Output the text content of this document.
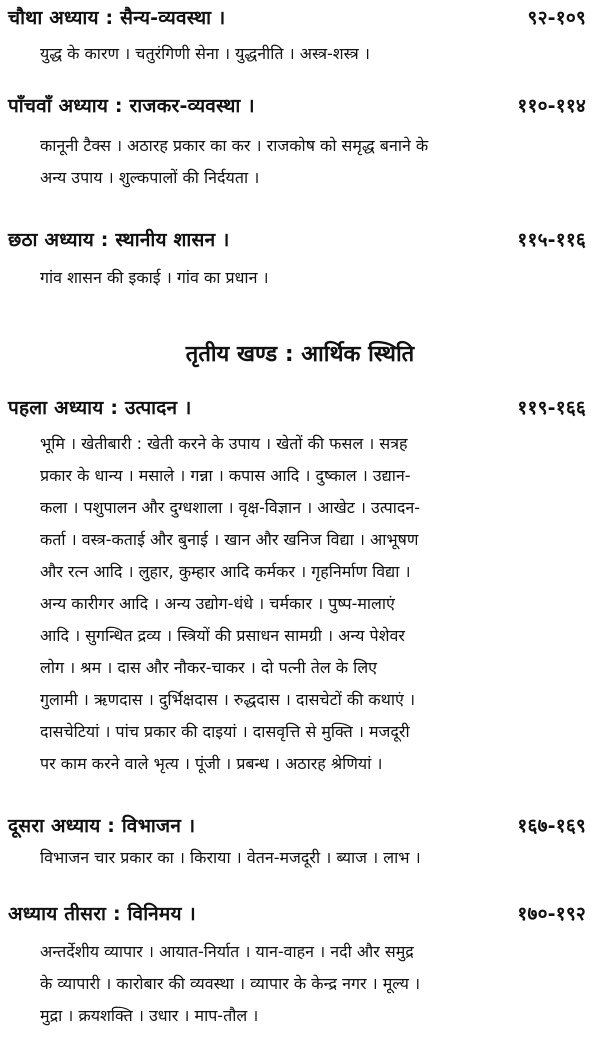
चौथा अध्याय : सैन्य-व्यवस्था ।	९२-१०९
युद्ध के कारण । चतुरंगिणी सेना । युद्धनीति । अस्त्र-शस्त्र ।
पाँचवाँ अध्याय : राजकर-व्यवस्था ।	११०-११४
कानूनी टैक्स । अठारह प्रकार का कर । राजकोष को समृद्ध बनाने के
अन्य उपाय । शुल्कपालों की निर्दयता ।
छठा अध्याय : स्थानीय शासन ।	११५-११६
गांव शासन की इकाई । गांव का प्रधान ।
तृतीय खण्ड : आर्थिक स्थिति
पहला अध्याय : उत्पादन ।	११९-१६६
भूमि । खेतीबारी : खेती करने के उपाय । खेतों की फसल । सत्रह
प्रकार के धान्य । मसाले । गन्ना । कपास आदि । दुष्काल । उद्यान-
कला । पशुपालन और दुग्धशाला । वृक्ष-विज्ञान । आखेट । उत्पादन-
कर्ता । वस्त्र-कताई और बुनाई । खान और खनिज विद्या । आभूषण
और रत्न आदि । लुहार, कुम्हार आदि कर्मकर । गृहनिर्माण विद्या ।
अन्य कारीगर आदि । अन्य उद्योग-धंधे । चर्मकार । पुष्प-मालाएं
आदि । सुगन्धित द्रव्य । स्त्रियों की प्रसाधन सामग्री । अन्य पेशेवर
लोग । श्रम । दास और नौकर-चाकर । दो पत्नी तेल के लिए
गुलामी । ऋणदास । दुर्भिक्षदास । रुद्धदास । दासचेटों की कथाएं ।
दासचेटियां । पांच प्रकार की दाइयां । दासवृत्ति से मुक्ति । मजदूरी
पर काम करने वाले भृत्य । पूंजी । प्रबन्ध । अठारह श्रेणियां ।
दूसरा अध्याय : विभाजन ।	१६७-१६९
विभाजन चार प्रकार का । किराया । वेतन-मजदूरी । ब्याज । लाभ ।
अध्याय तीसरा : विनिमय ।	१७०-१९२
अन्तर्देशीय व्यापार । आयात-निर्यात । यान-वाहन । नदी और समुद्र
के व्यापारी । कारोबार की व्यवस्था । व्यापार के केन्द्र नगर । मूल्य ।
मुद्रा । क्रयशक्ति । उधार । माप-तौल ।
